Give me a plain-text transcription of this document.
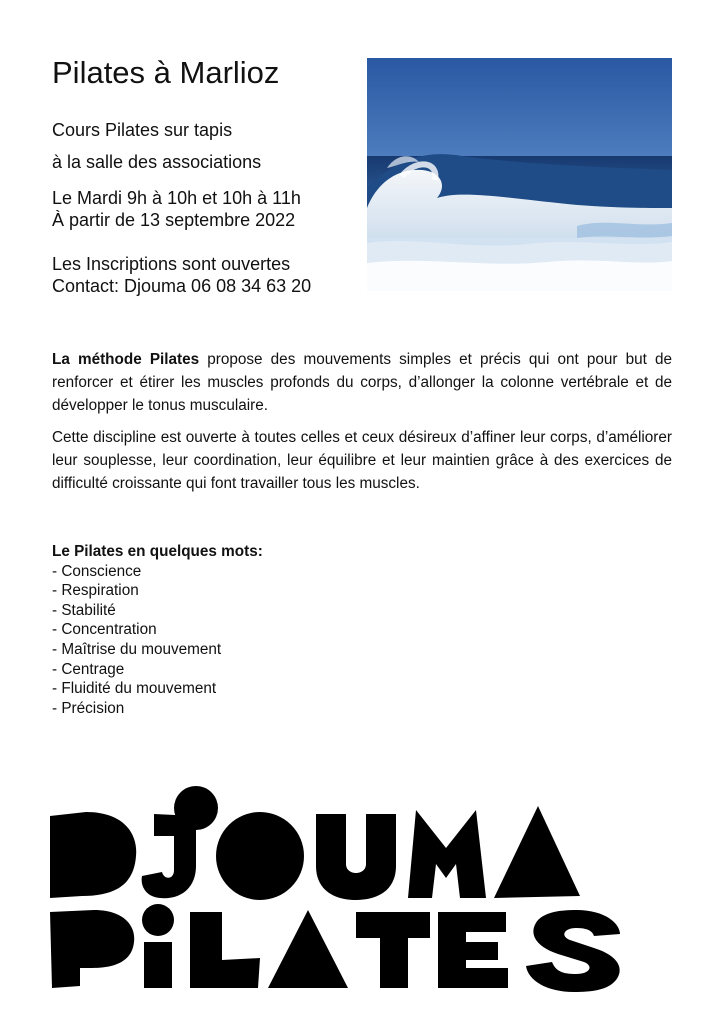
Pilates à Marlioz
Cours Pilates sur tapis
à la salle des associations
Le Mardi 9h à 10h et 10h à 11h
À partir de 13 septembre 2022
Les Inscriptions sont ouvertes
Contact: Djouma 06 08 34 63 20

La méthode Pilates propose des mouvements simples et précis qui ont pour but de renforcer et étirer les muscles profonds du corps, d’allonger la colonne vertébrale et de développer le tonus musculaire.

Cette discipline est ouverte à toutes celles et ceux désireux d’affiner leur corps, d’améliorer leur souplesse, leur coordination, leur équilibre et leur maintien grâce à des exercices de difficulté croissante qui font travailler tous les muscles.

Le Pilates en quelques mots:
- Conscience
- Respiration
- Stabilité
- Concentration
- Maîtrise du mouvement
- Centrage
- Fluidité du mouvement
- Précision
